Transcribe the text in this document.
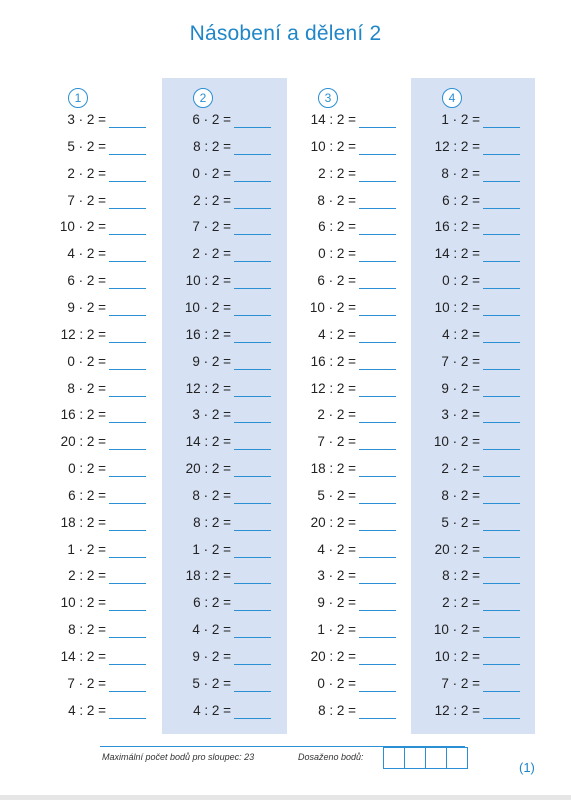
Násobení a dělení 2
1
3 · 2 =
5 · 2 =
2 · 2 =
7 · 2 =
10 · 2 =
4 · 2 =
6 · 2 =
9 · 2 =
12 : 2 =
0 · 2 =
8 · 2 =
16 : 2 =
20 : 2 =
0 : 2 =
6 : 2 =
18 : 2 =
1 · 2 =
2 : 2 =
10 : 2 =
8 : 2 =
14 : 2 =
7 · 2 =
4 : 2 =
2
6 · 2 =
8 : 2 =
0 · 2 =
2 : 2 =
7 · 2 =
2 · 2 =
10 : 2 =
10 · 2 =
16 : 2 =
9 · 2 =
12 : 2 =
3 · 2 =
14 : 2 =
20 : 2 =
8 · 2 =
8 : 2 =
1 · 2 =
18 : 2 =
6 : 2 =
4 · 2 =
9 · 2 =
5 · 2 =
4 : 2 =
3
14 : 2 =
10 : 2 =
2 : 2 =
8 · 2 =
6 : 2 =
0 : 2 =
6 · 2 =
10 · 2 =
4 : 2 =
16 : 2 =
12 : 2 =
2 · 2 =
7 · 2 =
18 : 2 =
5 · 2 =
20 : 2 =
4 · 2 =
3 · 2 =
9 · 2 =
1 · 2 =
20 : 2 =
0 · 2 =
8 : 2 =
4
1 · 2 =
12 : 2 =
8 · 2 =
6 : 2 =
16 : 2 =
14 : 2 =
0 : 2 =
10 : 2 =
4 : 2 =
7 · 2 =
9 · 2 =
3 · 2 =
10 · 2 =
2 · 2 =
8 · 2 =
5 · 2 =
20 : 2 =
8 : 2 =
2 : 2 =
10 · 2 =
10 : 2 =
7 · 2 =
12 : 2 =
Maximální počet bodů pro sloupec: 23	Dosaženo bodů:
(1)
